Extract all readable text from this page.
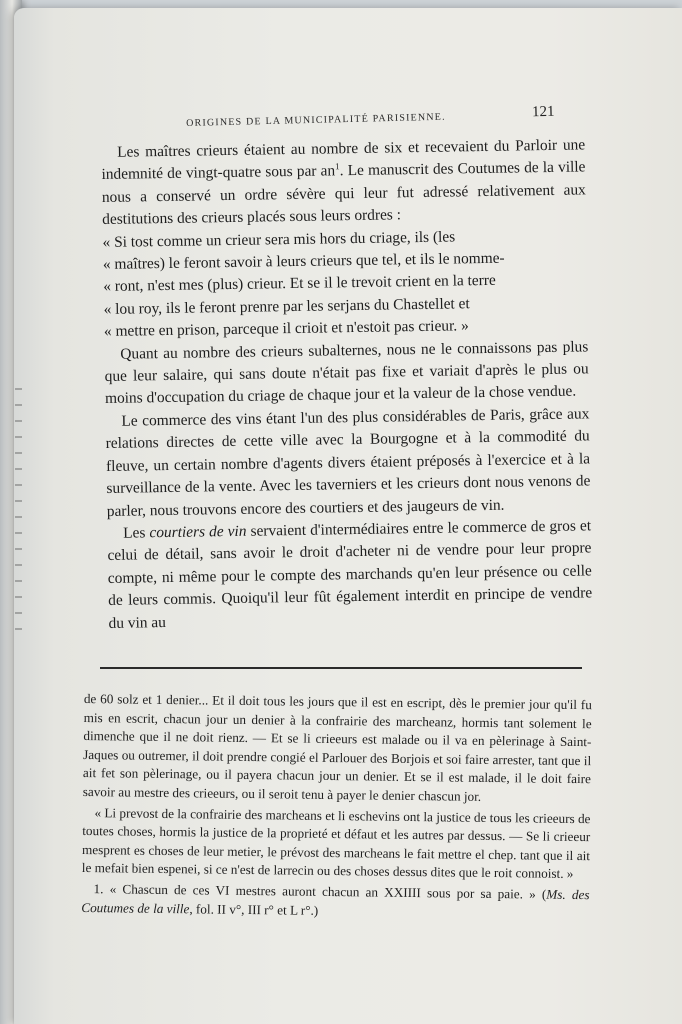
ORIGINES DE LA MUNICIPALITÉ PARISIENNE.	121

Les maîtres crieurs étaient au nombre de six et recevaient du Parloir une indemnité de vingt-quatre sous par $an^1$. Le manuscrit des Coutumes de la ville nous a conservé un ordre sévère qui leur fut adressé relativement aux destitutions des crieurs placés sous leurs ordres :

« Si tost comme un crieur sera mis hors du criage, ils (les
« maîtres) le feront savoir à leurs crieurs que tel, et ils le nomme-
« ront, n'est mes (plus) crieur. Et se il le trevoit crient en la terre
« lou roy, ils le feront prenre par les serjans du Chastellet et
« mettre en prison, parceque il crioit et n'estoit pas crieur. »

Quant au nombre des crieurs subalternes, nous ne le connaissons pas plus que leur salaire, qui sans doute n'était pas fixe et variait d'après le plus ou moins d'occupation du criage de chaque jour et la valeur de la chose vendue.

Le commerce des vins étant l'un des plus considérables de Paris, grâce aux relations directes de cette ville avec la Bourgogne et à la commodité du fleuve, un certain nombre d'agents divers étaient préposés à l'exercice et à la surveillance de la vente. Avec les taverniers et les crieurs dont nous venons de parler, nous trouvons encore des courtiers et des jaugeurs de vin.

Les courtiers de vin servaient d'intermédiaires entre le commerce de gros et celui de détail, sans avoir le droit d'acheter ni de vendre pour leur propre compte, ni même pour le compte des marchands qu'en leur présence ou celle de leurs commis. Quoiqu'il leur fût également interdit en principe de vendre du vin au

de 60 solz et 1 denier... Et il doit tous les jours que il est en escript, dès le premier jour qu'il fu mis en escrit, chacun jour un denier à la confrairie des marcheanz, hormis tant solement le dimenche que il ne doit rienz. — Et se li crieeurs est malade ou il va en pèlerinage à Saint-Jaques ou outremer, il doit prendre congié el Parlouer des Borjois et soi faire arrester, tant que il ait fet son pèlerinage, ou il payera chacun jour un denier. Et se il est malade, il le doit faire savoir au mestre des crieeurs, ou il seroit tenu à payer le denier chascun jor.

« Li prevost de la confrairie des marcheans et li eschevins ont la justice de tous les crieeurs de toutes choses, hormis la justice de la proprieté et défaut et les autres par dessus. — Se li crieeur mesprent es choses de leur metier, le prévost des marcheans le fait mettre el chep. tant que il ait le mefait bien espenei, si ce n'est de larrecin ou des choses dessus dites que le roit connoist. »

1. « Chascun de ces VI mestres auront chacun an XXIIII sous por sa paie. » (Ms. des Coutumes de la ville, fol. II v°, III r° et L r°.)
